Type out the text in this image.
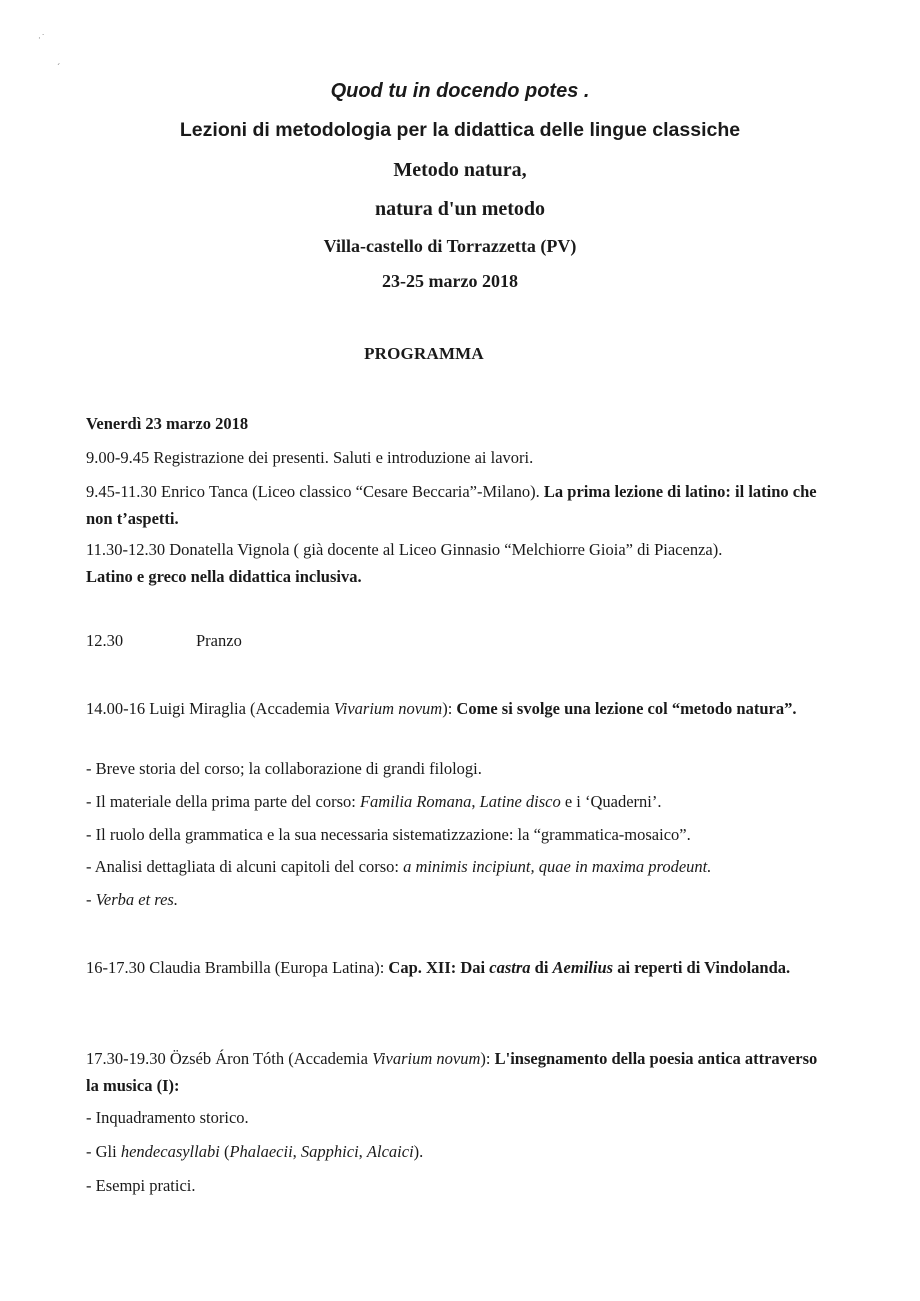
·˙
ˏ
Quod tu in docendo potes .
Lezioni di metodologia per la didattica delle lingue classiche
Metodo natura,
natura d'un metodo
Villa-castello di Torrazzetta (PV)
23-25 marzo 2018
PROGRAMMA
Venerdì 23 marzo 2018
9.00-9.45 Registrazione dei presenti. Saluti e introduzione ai lavori.
9.45-11.30 Enrico Tanca (Liceo classico “Cesare Beccaria”-Milano). La prima lezione di latino: il latino che non t’aspetti.
11.30-12.30 Donatella Vignola ( già docente al Liceo Ginnasio “Melchiorre Gioia” di Piacenza).
Latino e greco nella didattica inclusiva.
12.30	Pranzo
14.00-16 Luigi Miraglia (Accademia Vivarium novum): Come si svolge una lezione col “metodo natura”.
- Breve storia del corso; la collaborazione di grandi filologi.
- Il materiale della prima parte del corso: Familia Romana, Latine disco e i ‘Quaderni’.
- Il ruolo della grammatica e la sua necessaria sistematizzazione: la “grammatica-mosaico”.
- Analisi dettagliata di alcuni capitoli del corso: a minimis incipiunt, quae in maxima prodeunt.
- Verba et res.
16-17.30 Claudia Brambilla (Europa Latina): Cap. XII: Dai castra di Aemilius ai reperti di Vindolanda.
17.30-19.30 Özséb Áron Tóth (Accademia Vivarium novum): L'insegnamento della poesia antica attraverso la musica (I):
- Inquadramento storico.
- Gli hendecasyllabi (Phalaecii, Sapphici, Alcaici).
- Esempi pratici.
